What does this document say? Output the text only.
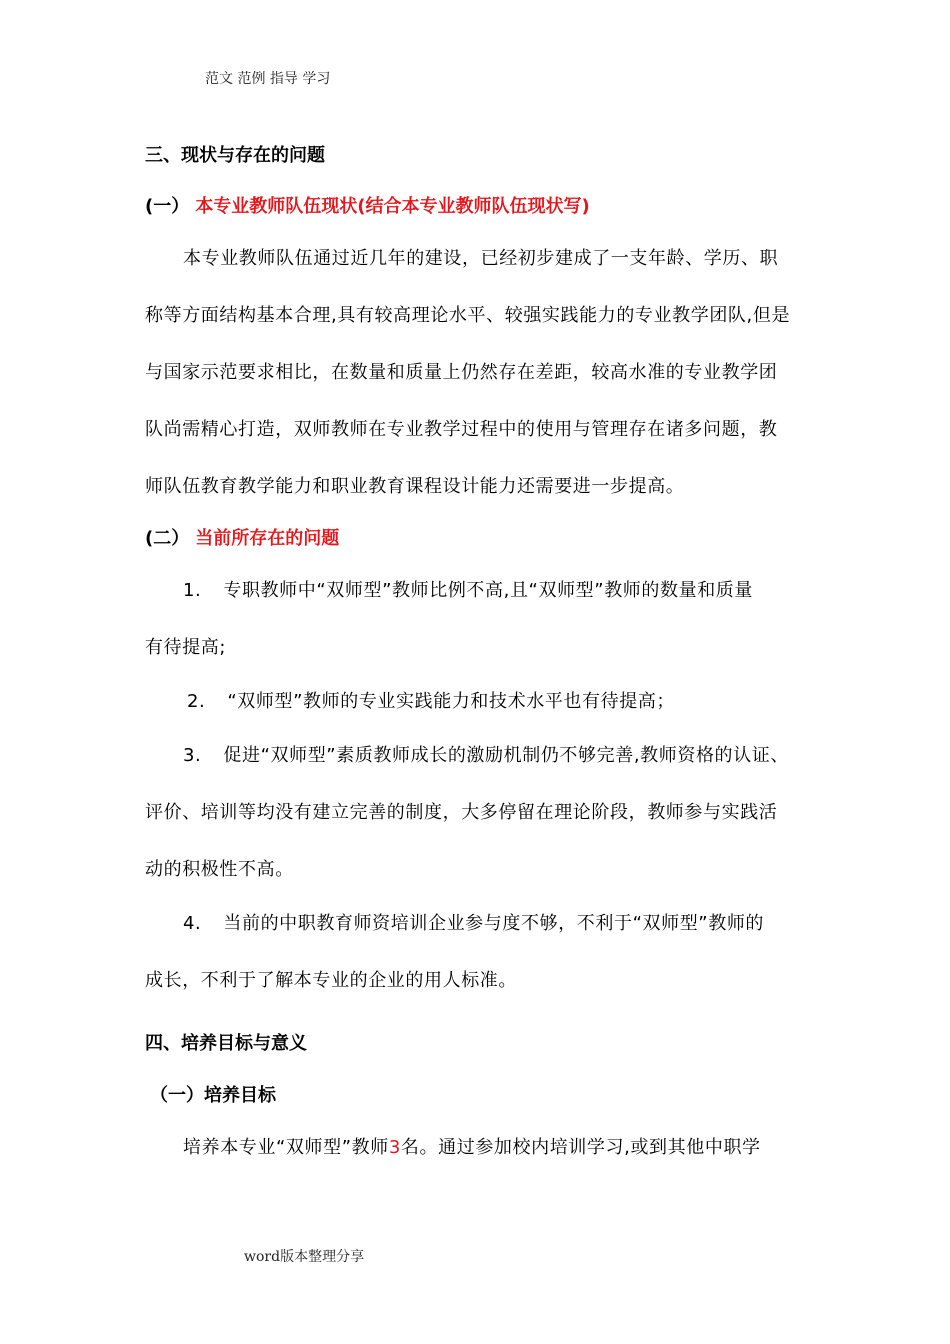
范文 范例 指导 学习
三、现状与存在的问题
(一） 本专业教师队伍现状(结合本专业教师队伍现状写)
本专业教师队伍通过近几年的建设，已经初步建成了一支年龄、学历、职
称等方面结构基本合理,具有较高理论水平、较强实践能力的专业教学团队,但是
与国家示范要求相比，在数量和质量上仍然存在差距，较高水准的专业教学团
队尚需精心打造，双师教师在专业教学过程中的使用与管理存在诸多问题，教
师队伍教育教学能力和职业教育课程设计能力还需要进一步提高。
(二） 当前所存在的问题
1. 专职教师中“双师型”教师比例不高,且“双师型”教师的数量和质量
有待提高;
2. “双师型”教师的专业实践能力和技术水平也有待提高；
3. 促进“双师型”素质教师成长的激励机制仍不够完善,教师资格的认证、
评价、培训等均没有建立完善的制度，大多停留在理论阶段，教师参与实践活
动的积极性不高。
4. 当前的中职教育师资培训企业参与度不够，不利于“双师型”教师的
成长，不利于了解本专业的企业的用人标准。
四、培养目标与意义
（一）培养目标
培养本专业“双师型”教师3名。通过参加校内培训学习,或到其他中职学
word版本整理分享
